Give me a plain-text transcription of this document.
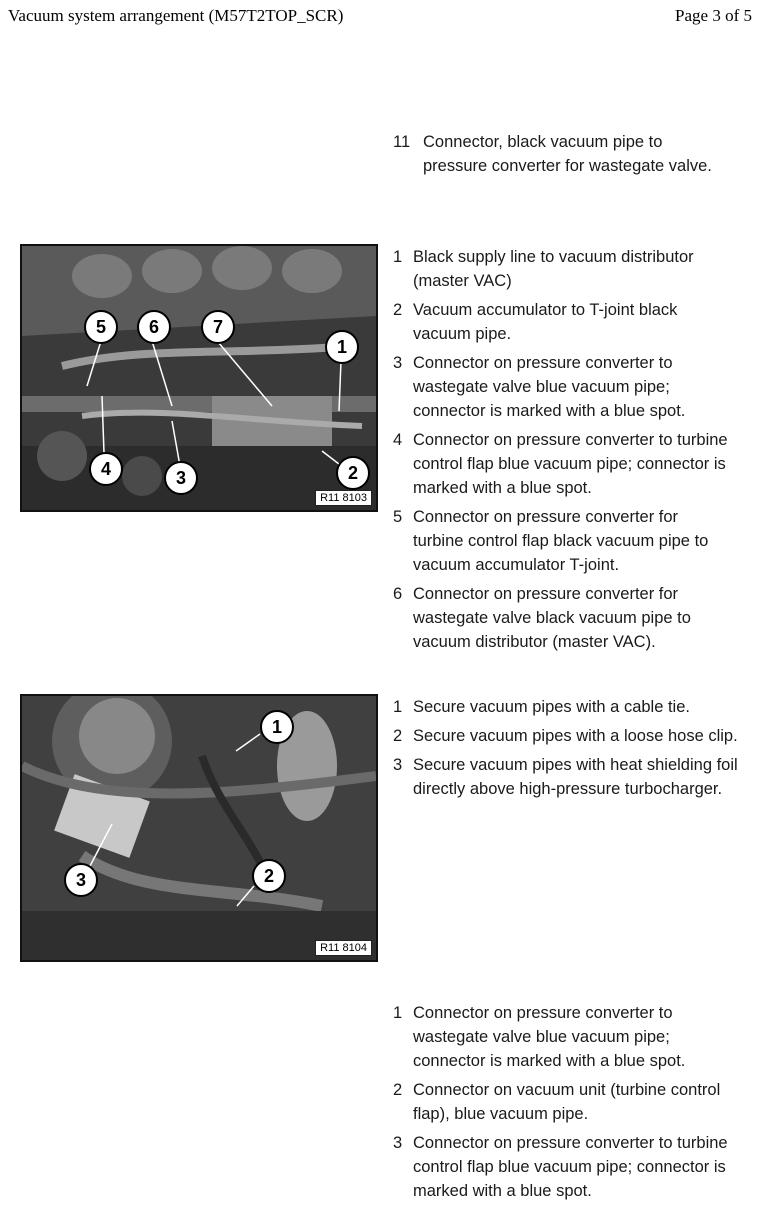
Vacuum system arrangement (M57T2TOP_SCR)	Page 3 of 5
11 Connector, black vacuum pipe to pressure converter for wastegate valve.
5	6	7
1
4	3	2
R11 8103
1 Black supply line to vacuum distributor (master VAC)
2 Vacuum accumulator to T-joint black vacuum pipe.
3 Connector on pressure converter to wastegate valve blue vacuum pipe; connector is marked with a blue spot.
4 Connector on pressure converter to turbine control flap blue vacuum pipe; connector is marked with a blue spot.
5 Connector on pressure converter for turbine control flap black vacuum pipe to vacuum accumulator T-joint.
6 Connector on pressure converter for wastegate valve black vacuum pipe to vacuum distributor (master VAC).
1
2
3
R11 8104
1 Secure vacuum pipes with a cable tie.
2 Secure vacuum pipes with a loose hose clip.
3 Secure vacuum pipes with heat shielding foil directly above high-pressure turbocharger.
1 Connector on pressure converter to wastegate valve blue vacuum pipe; connector is marked with a blue spot.
2 Connector on vacuum unit (turbine control flap), blue vacuum pipe.
3 Connector on pressure converter to turbine control flap blue vacuum pipe; connector is marked with a blue spot.
